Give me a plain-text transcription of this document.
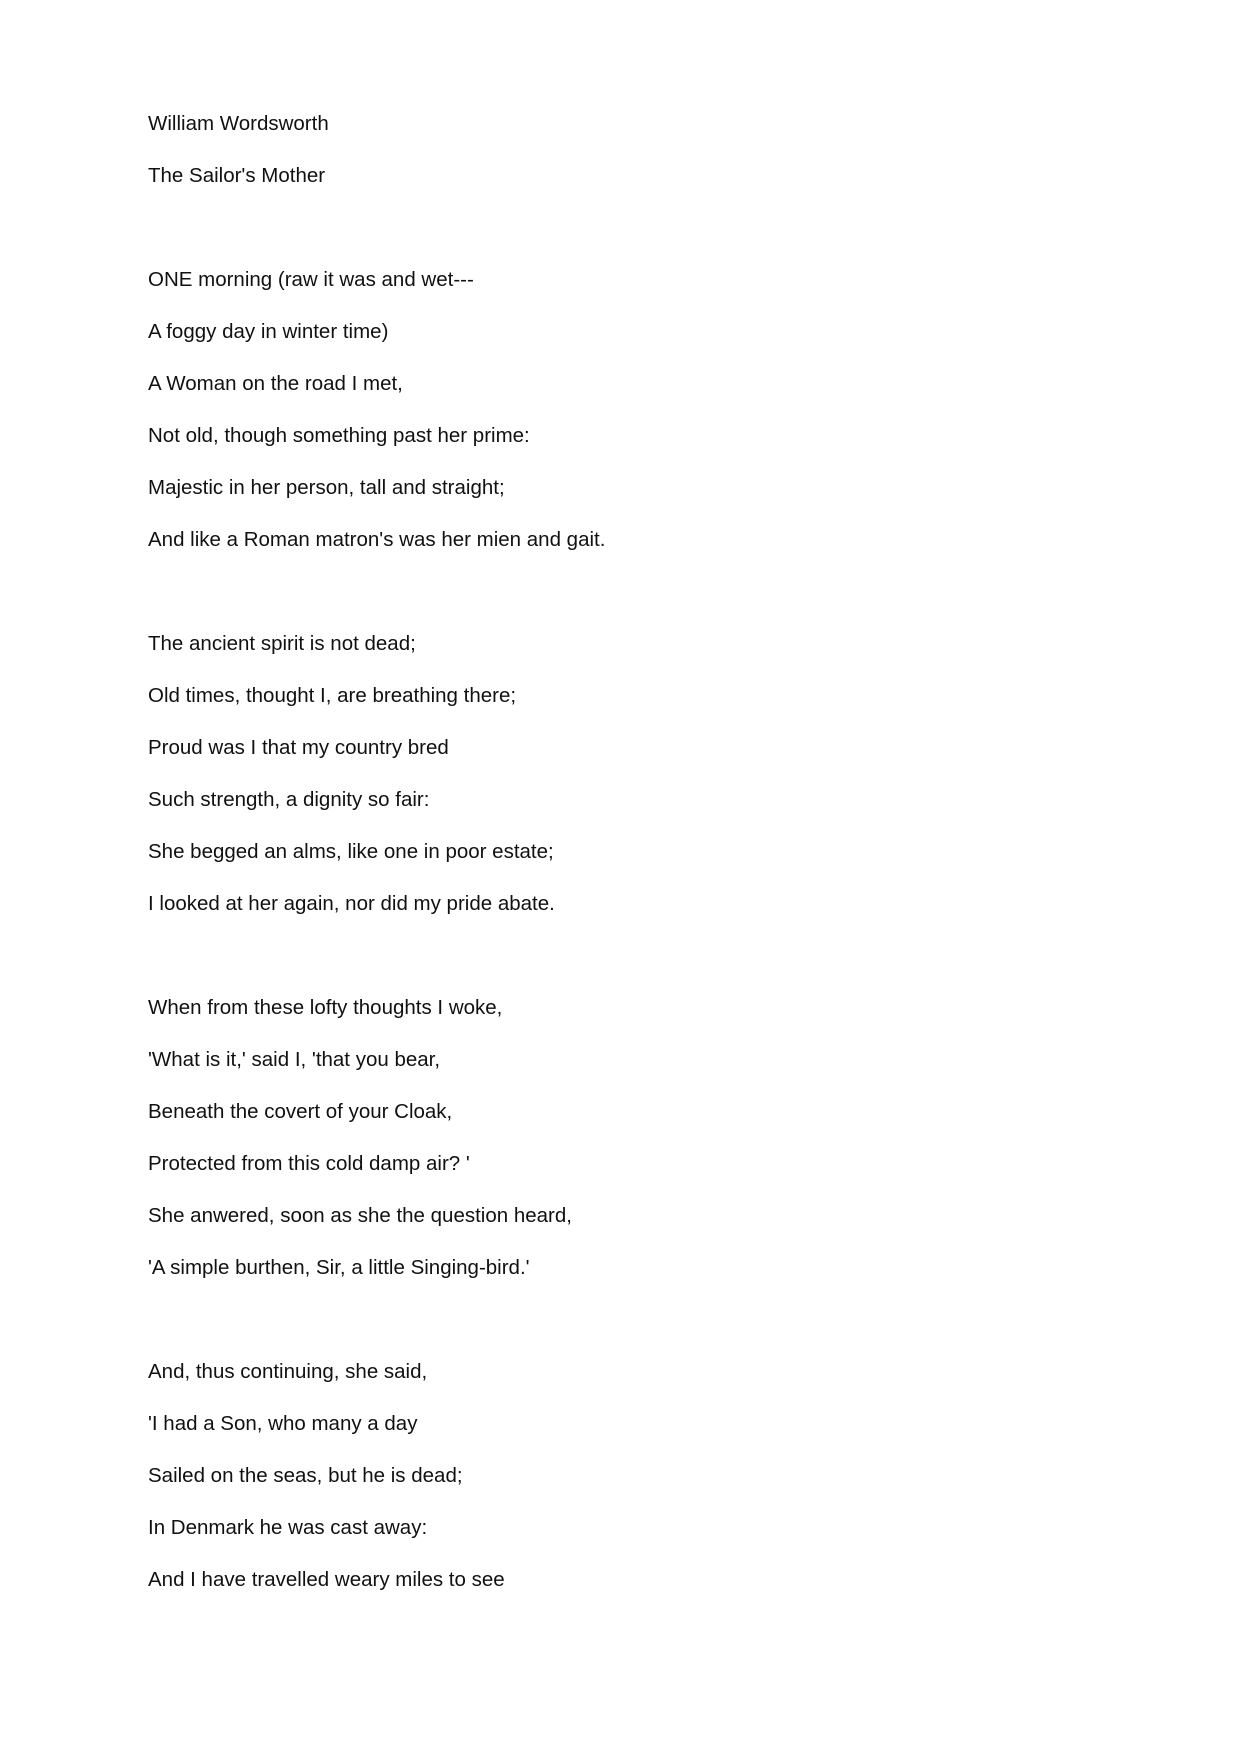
William Wordsworth
The Sailor's Mother
ONE morning (raw it was and wet---
A foggy day in winter time)
A Woman on the road I met,
Not old, though something past her prime:
Majestic in her person, tall and straight;
And like a Roman matron's was her mien and gait.
The ancient spirit is not dead;
Old times, thought I, are breathing there;
Proud was I that my country bred
Such strength, a dignity so fair:
She begged an alms, like one in poor estate;
I looked at her again, nor did my pride abate.
When from these lofty thoughts I woke,
'What is it,' said I, 'that you bear,
Beneath the covert of your Cloak,
Protected from this cold damp air? '
She anwered, soon as she the question heard,
'A simple burthen, Sir, a little Singing-bird.'
And, thus continuing, she said,
'I had a Son, who many a day
Sailed on the seas, but he is dead;
In Denmark he was cast away:
And I have travelled weary miles to see
